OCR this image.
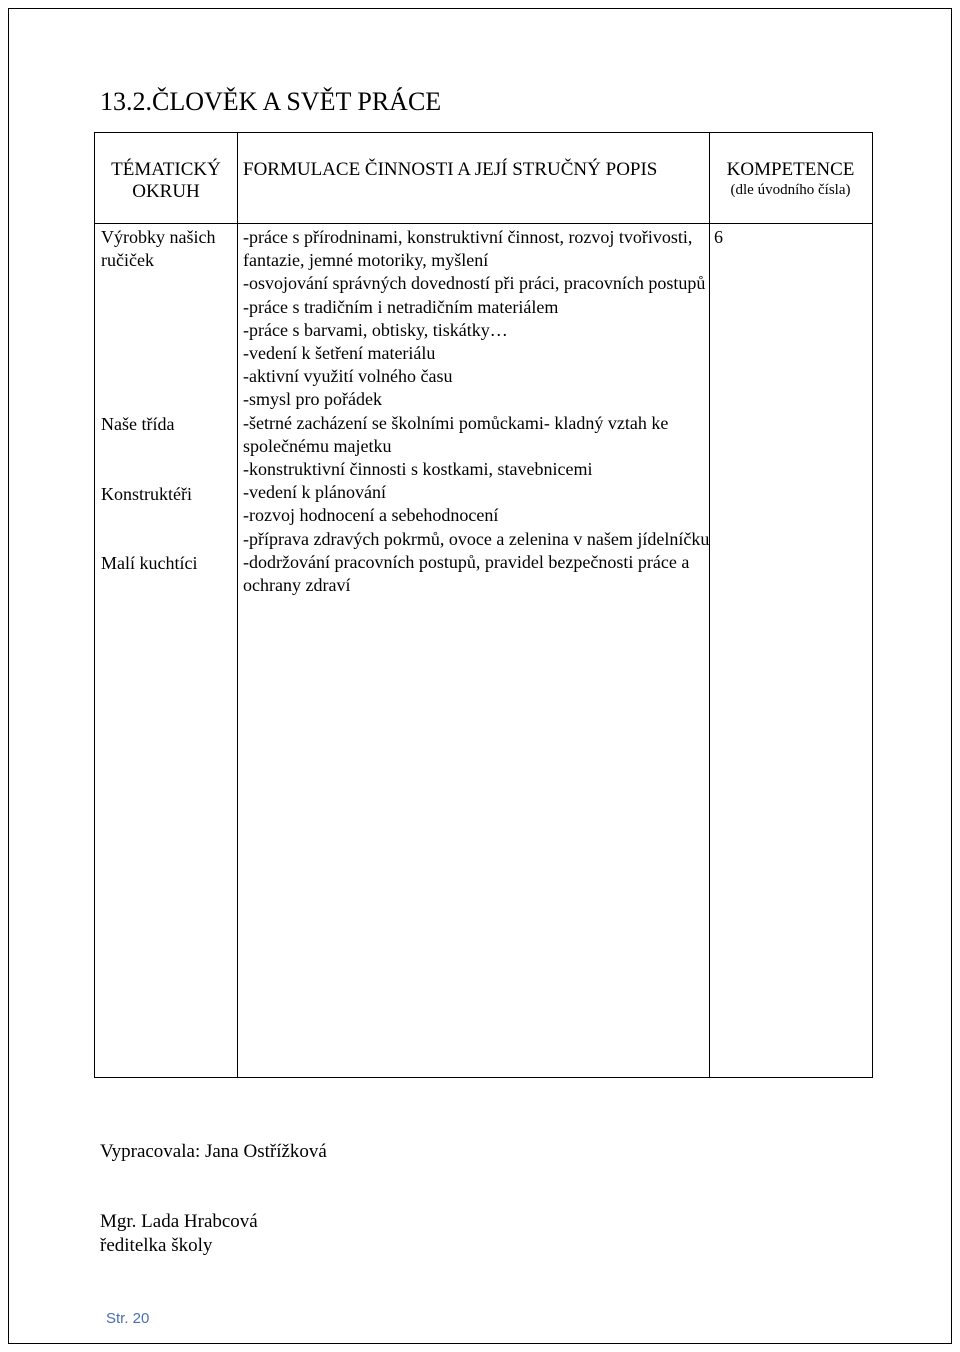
13.2.ČLOVĚK A SVĚT PRÁCE
TÉMATICKÝ OKRUH
FORMULACE ČINNOSTI A JEJÍ STRUČNÝ POPIS	KOMPETENCE
(dle úvodního čísla)
Výrobky našich ručiček
Naše třída
Konstruktéři
Malí kuchtíci
-práce s přírodninami, konstruktivní činnost, rozvoj tvořivosti, fantazie, jemné motoriky, myšlení
-osvojování správných dovedností při práci, pracovních postupů
-práce s tradičním i netradičním materiálem
-práce s barvami, obtisky, tiskátky…
-vedení k šetření materiálu
-aktivní využití volného času
-smysl pro pořádek
-šetrné zacházení se školními pomůckami- kladný vztah ke společnému majetku
-konstruktivní činnosti s kostkami, stavebnicemi
-vedení k plánování
-rozvoj hodnocení a sebehodnocení
-příprava zdravých pokrmů, ovoce a zelenina v našem jídelníčku
-dodržování pracovních postupů, pravidel bezpečnosti práce a ochrany zdraví
6
Vypracovala: Jana Ostřížková
Mgr. Lada Hrabcová
ředitelka školy
Str. 20
